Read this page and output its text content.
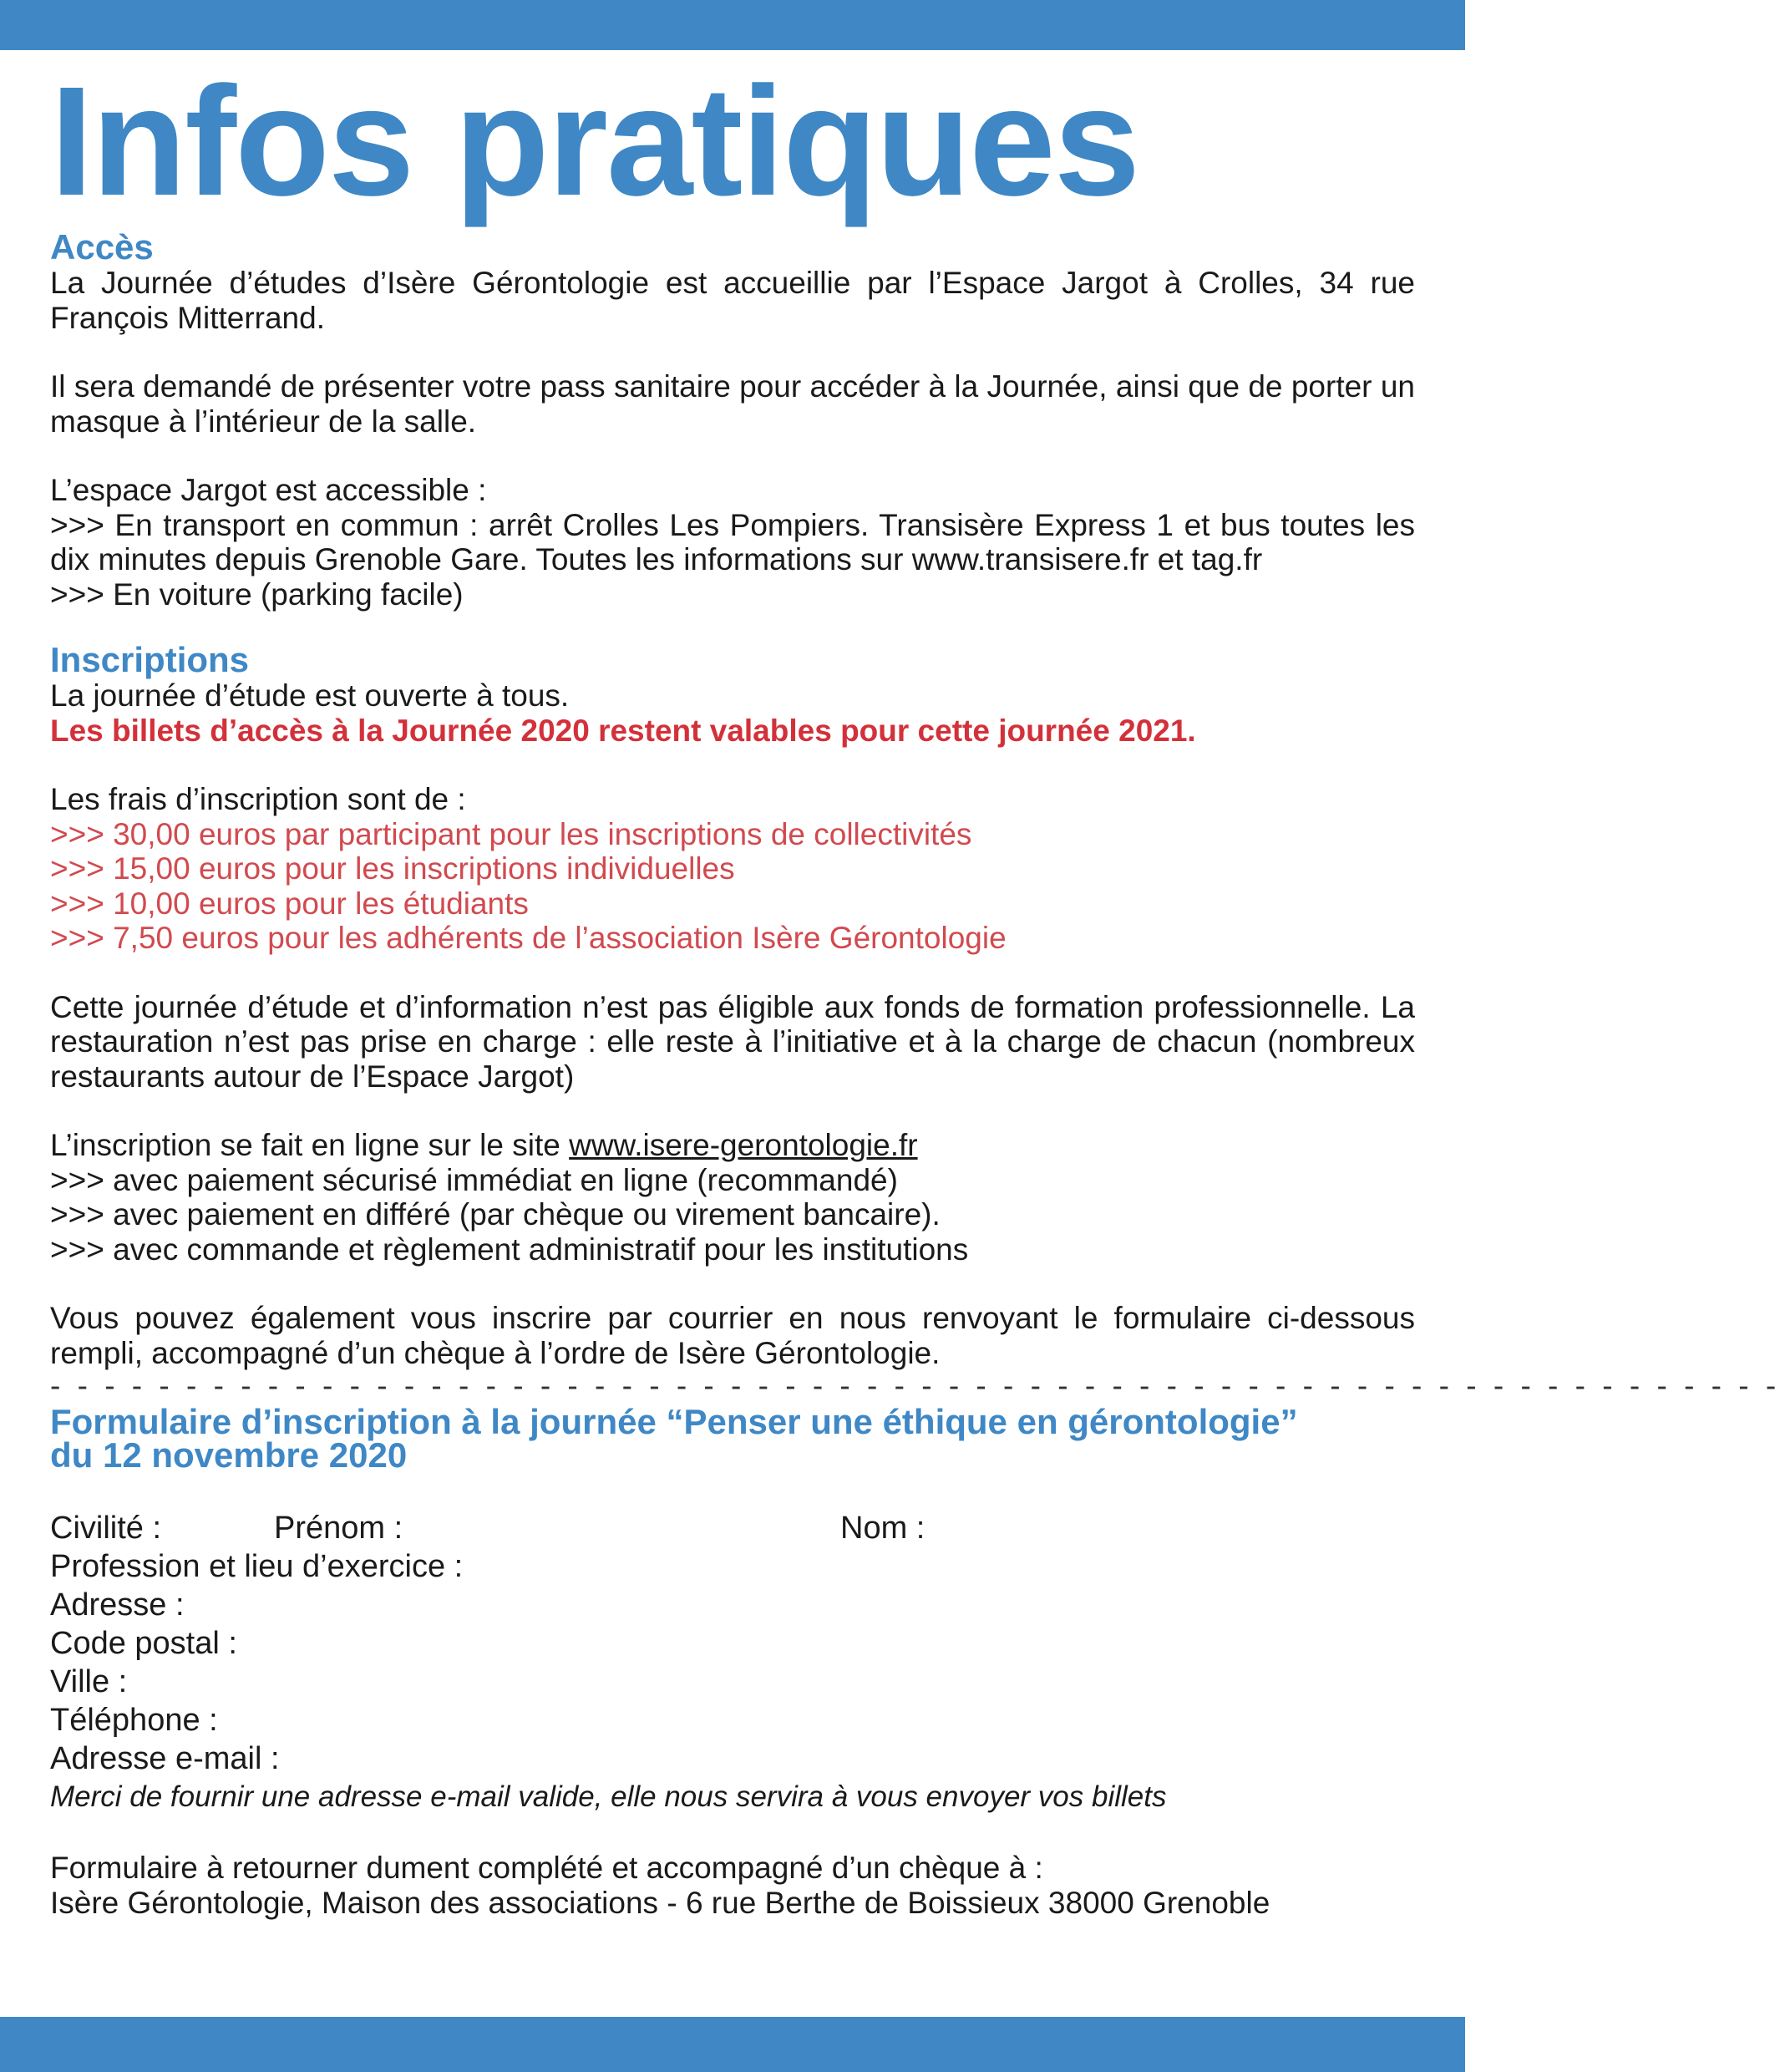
Infos pratiques

Accès

La Journée d’études d’Isère Gérontologie est accueillie par l’Espace Jargot à Crolles, 34 rue François Mitterrand.

Il sera demandé de présenter votre pass sanitaire pour accéder à la Journée, ainsi que de porter un masque à l’intérieur de la salle.

L’espace Jargot est accessible :

>>> En transport en commun : arrêt Crolles Les Pompiers. Transisère Express 1 et bus toutes les dix minutes depuis Grenoble Gare. Toutes les informations sur www.transisere.fr et tag.fr

>>> En voiture (parking facile)

Inscriptions

La journée d’étude est ouverte à tous.

Les billets d’accès à la Journée 2020 restent valables pour cette journée 2021.

Les frais d’inscription sont de :

>>> 30,00 euros par participant pour les inscriptions de collectivités

>>> 15,00 euros pour les inscriptions individuelles

>>> 10,00 euros pour les étudiants

>>> 7,50 euros pour les adhérents de l’association Isère Gérontologie

Cette journée d’étude et d’information n’est pas éligible aux fonds de formation professionnelle. La restauration n’est pas prise en charge : elle reste à l’initiative et à la charge de chacun (nombreux restaurants autour de l’Espace Jargot)

L’inscription se fait en ligne sur le site www.isere-gerontologie.fr

>>> avec paiement sécurisé immédiat en ligne (recommandé)

>>> avec paiement en différé (par chèque ou virement bancaire).

>>> avec commande et règlement administratif pour les institutions

Vous pouvez également vous inscrire par courrier en nous renvoyant le formulaire ci-dessous rempli, accompagné d’un chèque à l’ordre de Isère Gérontologie.

- - - - - - - - - - - - - - - - - - - - - - - - - - - - - - - - - - - - - - - - - - - - - - - - - - - - - - - - - - - - - - - -

Formulaire d’inscription à la journée “Penser une éthique en gérontologie”

du 12 novembre 2020

Civilité :	Prénom :	Nom :

Profession et lieu d’exercice :

Adresse :

Code postal :

Ville :

Téléphone :

Adresse e-mail :

Merci de fournir une adresse e-mail valide, elle nous servira à vous envoyer vos billets

Formulaire à retourner dument complété et accompagné d’un chèque à :

Isère Gérontologie, Maison des associations - 6 rue Berthe de Boissieux 38000 Grenoble
